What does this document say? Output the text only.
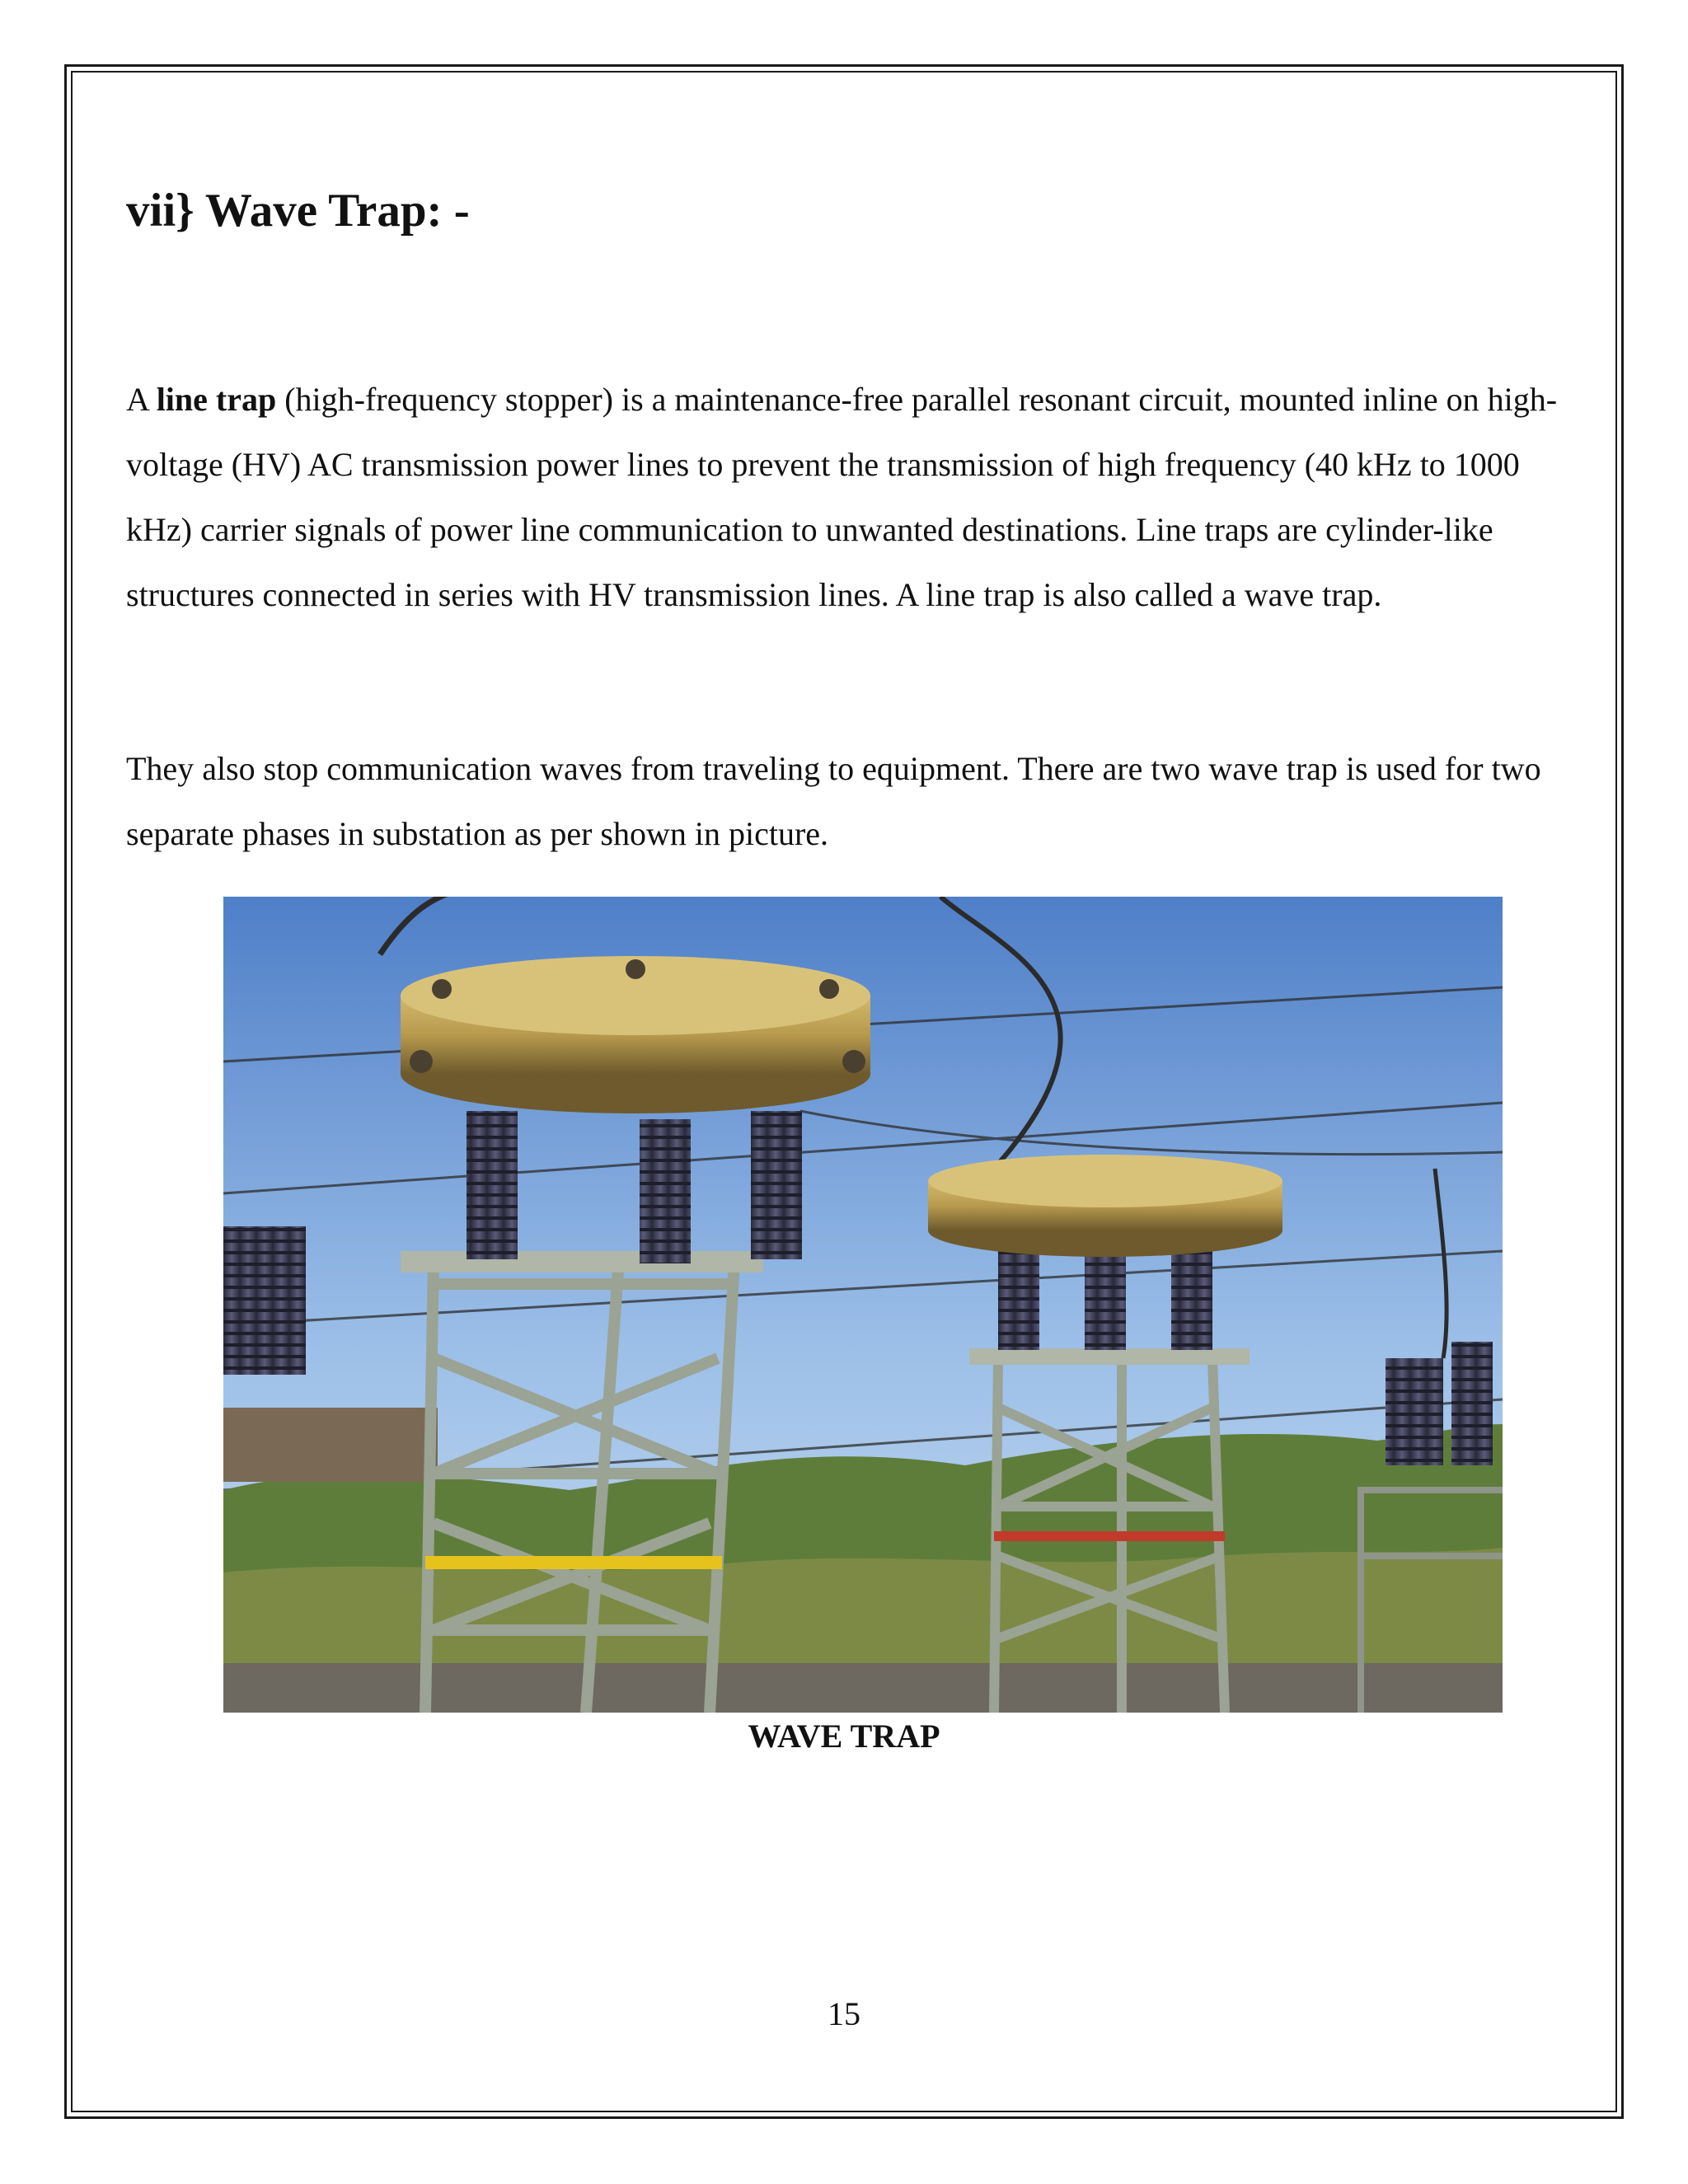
vii} Wave Trap: -

A line trap (high-frequency stopper) is a maintenance-free parallel resonant circuit, mounted inline on high-voltage (HV) AC transmission power lines to prevent the transmission of high frequency (40 kHz to 1000 kHz) carrier signals of power line communication to unwanted destinations. Line traps are cylinder-like structures connected in series with HV transmission lines. A line trap is also called a wave trap.

They also stop communication waves from traveling to equipment. There are two wave trap is used for two separate phases in substation as per shown in picture.

WAVE TRAP

15
